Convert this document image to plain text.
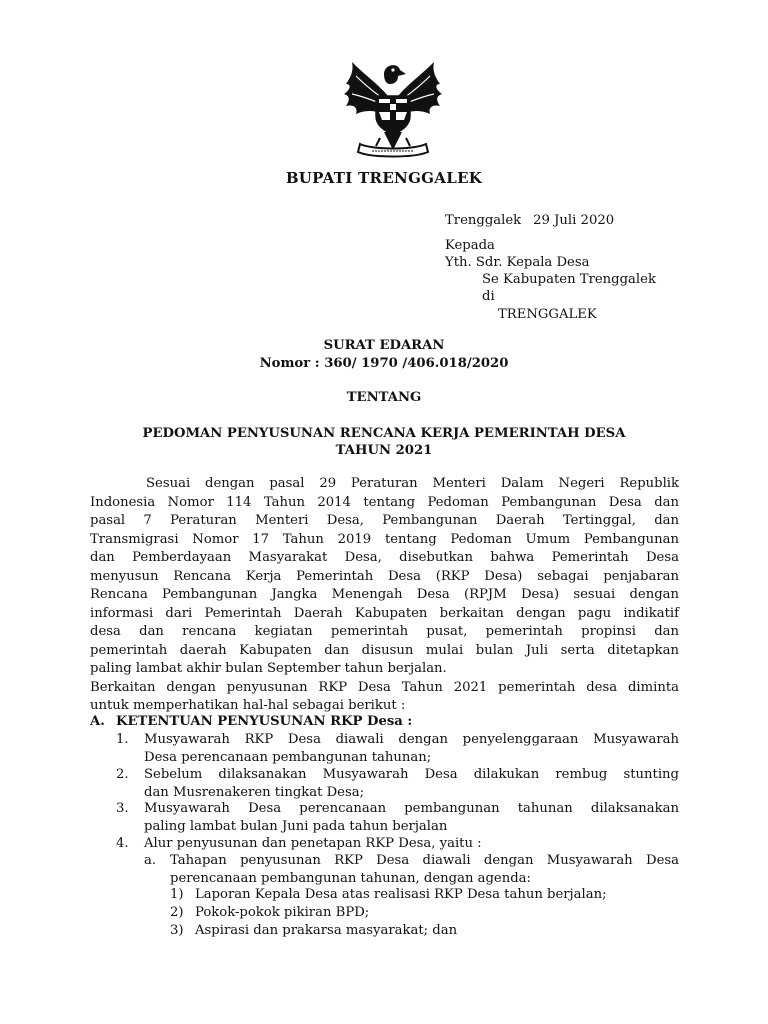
BUPATI TRENGGALEK
Trenggalek 29 Juli 2020
Kepada
Yth. Sdr. Kepala Desa
Se Kabupaten Trenggalek
di
TRENGGALEK
SURAT EDARAN
Nomor : 360/ 1970 /406.018/2020
TENTANG
PEDOMAN PENYUSUNAN RENCANA KERJA PEMERINTAH DESA
TAHUN 2021
Sesuai dengan pasal 29 Peraturan Menteri Dalam Negeri Republik
Indonesia Nomor 114 Tahun 2014 tentang Pedoman Pembangunan Desa dan
pasal 7 Peraturan Menteri Desa, Pembangunan Daerah Tertinggal, dan
Transmigrasi Nomor 17 Tahun 2019 tentang Pedoman Umum Pembangunan
dan Pemberdayaan Masyarakat Desa, disebutkan bahwa Pemerintah Desa
menyusun Rencana Kerja Pemerintah Desa (RKP Desa) sebagai penjabaran
Rencana Pembangunan Jangka Menengah Desa (RPJM Desa) sesuai dengan
informasi dari Pemerintah Daerah Kabupaten berkaitan dengan pagu indikatif
desa dan rencana kegiatan pemerintah pusat, pemerintah propinsi dan
pemerintah daerah Kabupaten dan disusun mulai bulan Juli serta ditetapkan
paling lambat akhir bulan September tahun berjalan.
Berkaitan dengan penyusunan RKP Desa Tahun 2021 pemerintah desa diminta
untuk memperhatikan hal-hal sebagai berikut :
A. KETENTUAN PENYUSUNAN RKP Desa :
1. Musyawarah RKP Desa diawali dengan penyelenggaraan Musyawarah
Desa perencanaan pembangunan tahunan;
2. Sebelum dilaksanakan Musyawarah Desa dilakukan rembug stunting
dan Musrenakeren tingkat Desa;
3. Musyawarah Desa perencanaan pembangunan tahunan dilaksanakan
paling lambat bulan Juni pada tahun berjalan
4. Alur penyusunan dan penetapan RKP Desa, yaitu :
a. Tahapan penyusunan RKP Desa diawali dengan Musyawarah Desa
perencanaan pembangunan tahunan, dengan agenda:
1) Laporan Kepala Desa atas realisasi RKP Desa tahun berjalan;
2) Pokok-pokok pikiran BPD;
3) Aspirasi dan prakarsa masyarakat; dan
